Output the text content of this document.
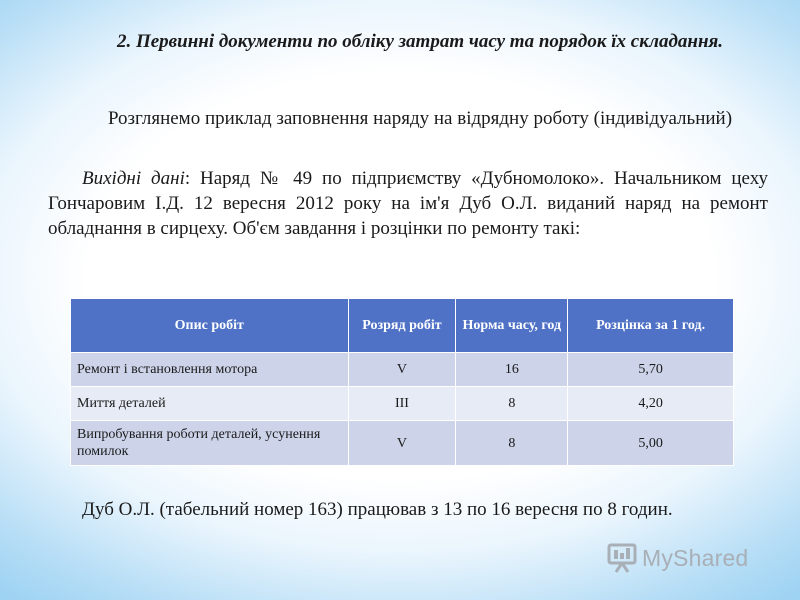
2. Первинні документи по обліку затрат часу та порядок їх складання.
Розглянемо приклад заповнення наряду на відрядну роботу (індивідуальний)
Вихідні дані: Наряд № 49 по підприємству «Дубномолоко». Начальником цеху Гончаровим І.Д. 12 вересня 2012 року на ім'я Дуб О.Л. виданий наряд на ремонт обладнання в сирцеху. Об'єм завдання і розцінки по ремонту такі:
Опис робіт	Розряд робіт	Норма часу, год	Розцінка за 1 год.
Ремонт і встановлення мотора	V	16	5,70
Миття деталей	III	8	4,20
Випробування роботи деталей, усунення помилок	V	8	5,00
Дуб О.Л. (табельний номер 163) працював з 13 по 16 вересня по 8 годин.
MyShared
